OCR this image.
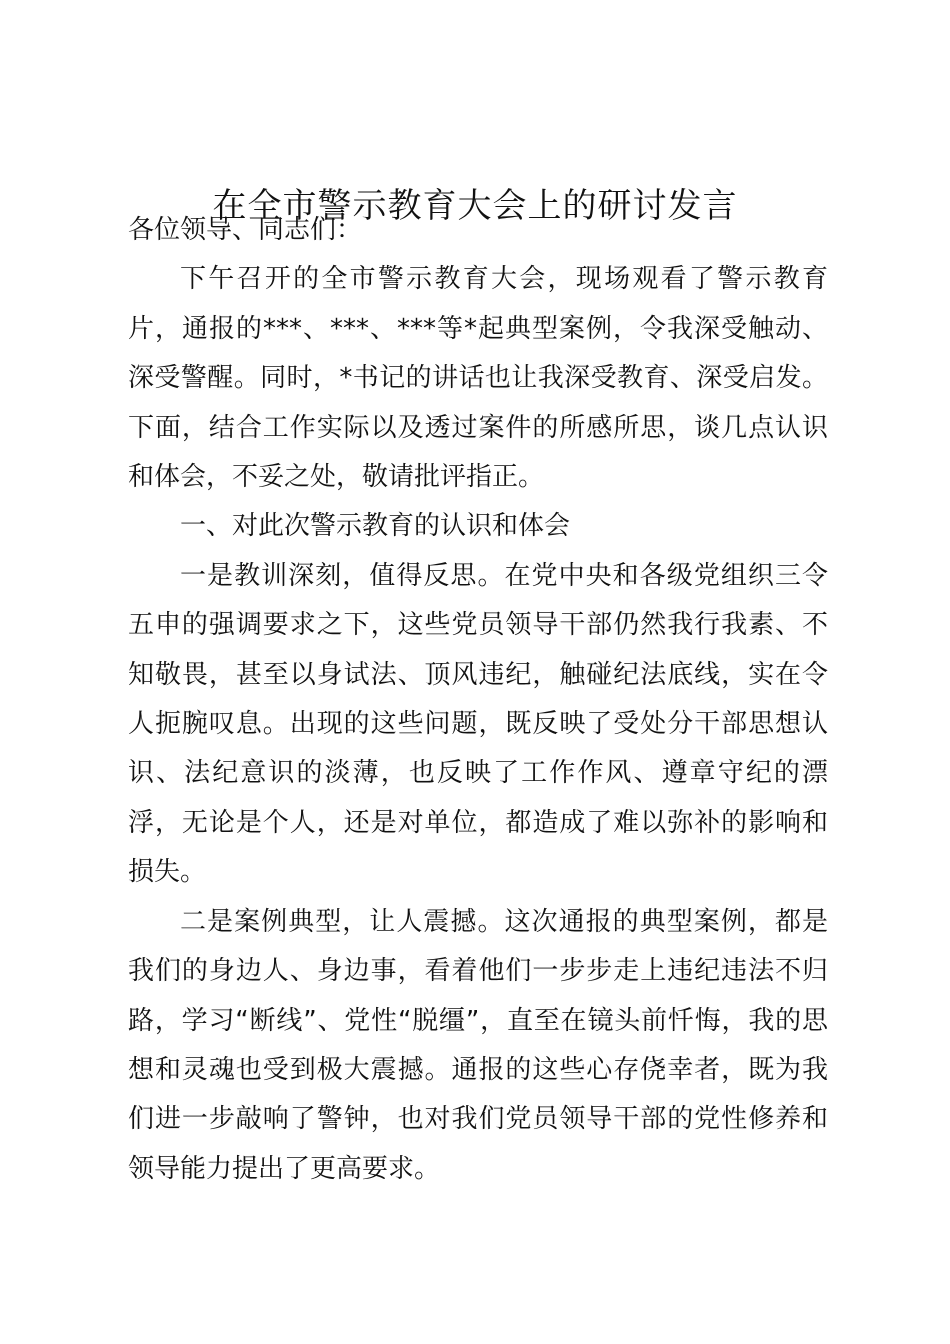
在全市警示教育大会上的研讨发言

各位领导、同志们：

下午召开的全市警示教育大会，现场观看了警示教育片，通报的***、***、***等*起典型案例，令我深受触动、深受警醒。同时，*书记的讲话也让我深受教育、深受启发。下面，结合工作实际以及透过案件的所感所思，谈几点认识和体会，不妥之处，敬请批评指正。

一、对此次警示教育的认识和体会

一是教训深刻，值得反思。在党中央和各级党组织三令五申的强调要求之下，这些党员领导干部仍然我行我素、不知敬畏，甚至以身试法、顶风违纪，触碰纪法底线，实在令人扼腕叹息。出现的这些问题，既反映了受处分干部思想认识、法纪意识的淡薄，也反映了工作作风、遵章守纪的漂浮，无论是个人，还是对单位，都造成了难以弥补的影响和损失。

二是案例典型，让人震撼。这次通报的典型案例，都是我们的身边人、身边事，看着他们一步步走上违纪违法不归路，学习“断线”、党性“脱缰”，直至在镜头前忏悔，我的思想和灵魂也受到极大震撼。通报的这些心存侥幸者，既为我们进一步敲响了警钟，也对我们党员领导干部的党性修养和领导能力提出了更高要求。
